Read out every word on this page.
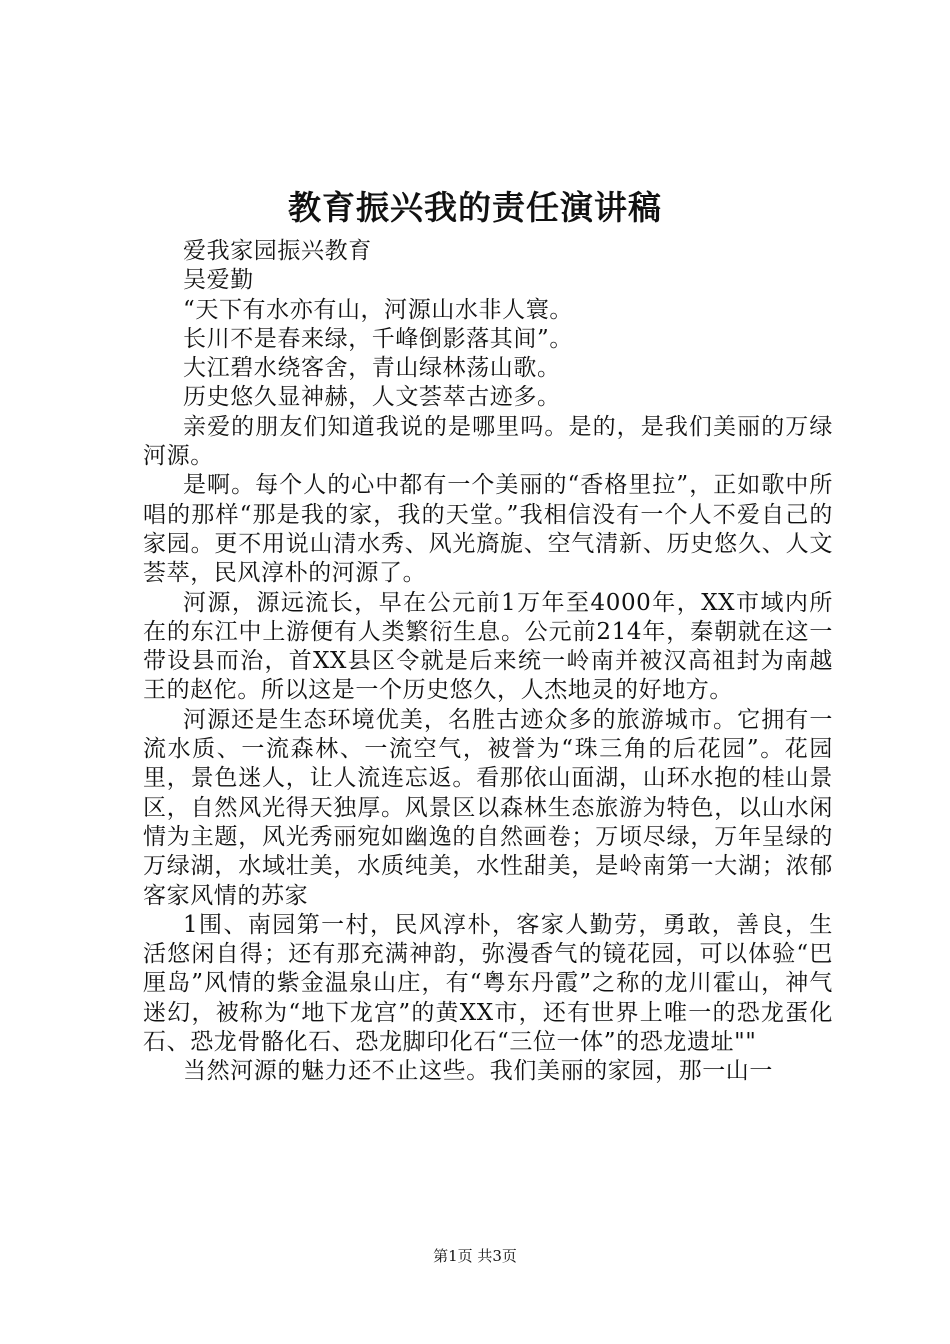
教育振兴我的责任演讲稿

爱我家园振兴教育

吴爱勤

“天下有水亦有山，河源山水非人寰。

长川不是春来绿，千峰倒影落其间”。

大江碧水绕客舍，青山绿林荡山歌。

历史悠久显神赫，人文荟萃古迹多。

亲爱的朋友们知道我说的是哪里吗。是的，是我们美丽的万绿河源。

是啊。每个人的心中都有一个美丽的“香格里拉”，正如歌中所唱的那样“那是我的家，我的天堂。”我相信没有一个人不爱自己的家园。更不用说山清水秀、风光旖旎、空气清新、历史悠久、人文荟萃，民风淳朴的河源了。

河源，源远流长，早在公元前1万年至4000年，XX市域内所在的东江中上游便有人类繁衍生息。公元前214年，秦朝就在这一带设县而治，首XX县区令就是后来统一岭南并被汉高祖封为南越王的赵佗。所以这是一个历史悠久，人杰地灵的好地方。

河源还是生态环境优美，名胜古迹众多的旅游城市。它拥有一流水质、一流森林、一流空气，被誉为“珠三角的后花园”。花园里，景色迷人，让人流连忘返。看那依山面湖，山环水抱的桂山景区，自然风光得天独厚。风景区以森林生态旅游为特色，以山水闲情为主题，风光秀丽宛如幽逸的自然画卷；万顷尽绿，万年呈绿的万绿湖，水域壮美，水质纯美，水性甜美，是岭南第一大湖；浓郁客家风情的苏家

1围、南园第一村，民风淳朴，客家人勤劳，勇敢，善良，生活悠闲自得；还有那充满神韵，弥漫香气的镜花园，可以体验“巴厘岛”风情的紫金温泉山庄，有“粤东丹霞”之称的龙川霍山，神气迷幻，被称为“地下龙宫”的黄XX市，还有世界上唯一的恐龙蛋化石、恐龙骨骼化石、恐龙脚印化石“三位一体”的恐龙遗址""

当然河源的魅力还不止这些。我们美丽的家园，那一山一

第1页 共3页
